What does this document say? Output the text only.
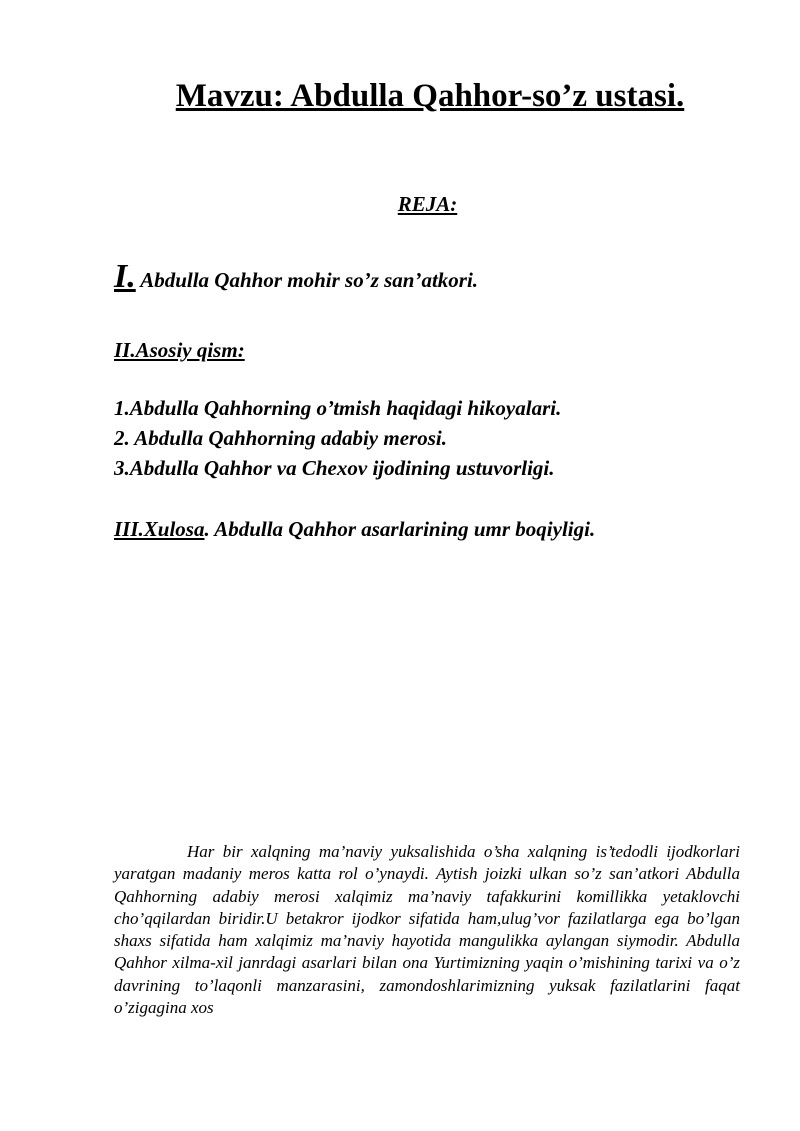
Mavzu: Abdulla Qahhor-so’z ustasi.
REJA:
I. Abdulla Qahhor mohir so’z san’atkori.
II.Asosiy qism:
1.Abdulla Qahhorning o’tmish haqidagi hikoyalari.
2. Abdulla Qahhorning adabiy merosi.
3.Abdulla Qahhor va Chexov ijodining ustuvorligi.
III.Xulosa. Abdulla Qahhor asarlarining umr boqiyligi.
Har bir xalqning ma’naviy yuksalishida o’sha xalqning is’tedodli ijodkorlari yaratgan madaniy meros katta rol o’ynaydi. Aytish joizki ulkan so’z san’atkori Abdulla Qahhorning adabiy merosi xalqimiz ma’naviy tafakkurini komillikka yetaklovchi cho’qqilardan biridir.U betakror ijodkor sifatida ham,ulug’vor fazilatlarga ega bo’lgan shaxs sifatida ham xalqimiz ma’naviy hayotida mangulikka aylangan siymodir. Abdulla Qahhor xilma-xil janrdagi asarlari bilan ona Yurtimizning yaqin o’mishining tarixi va o’z davrining to’laqonli manzarasini, zamondoshlarimizning yuksak fazilatlarini faqat o’zigagina xos
